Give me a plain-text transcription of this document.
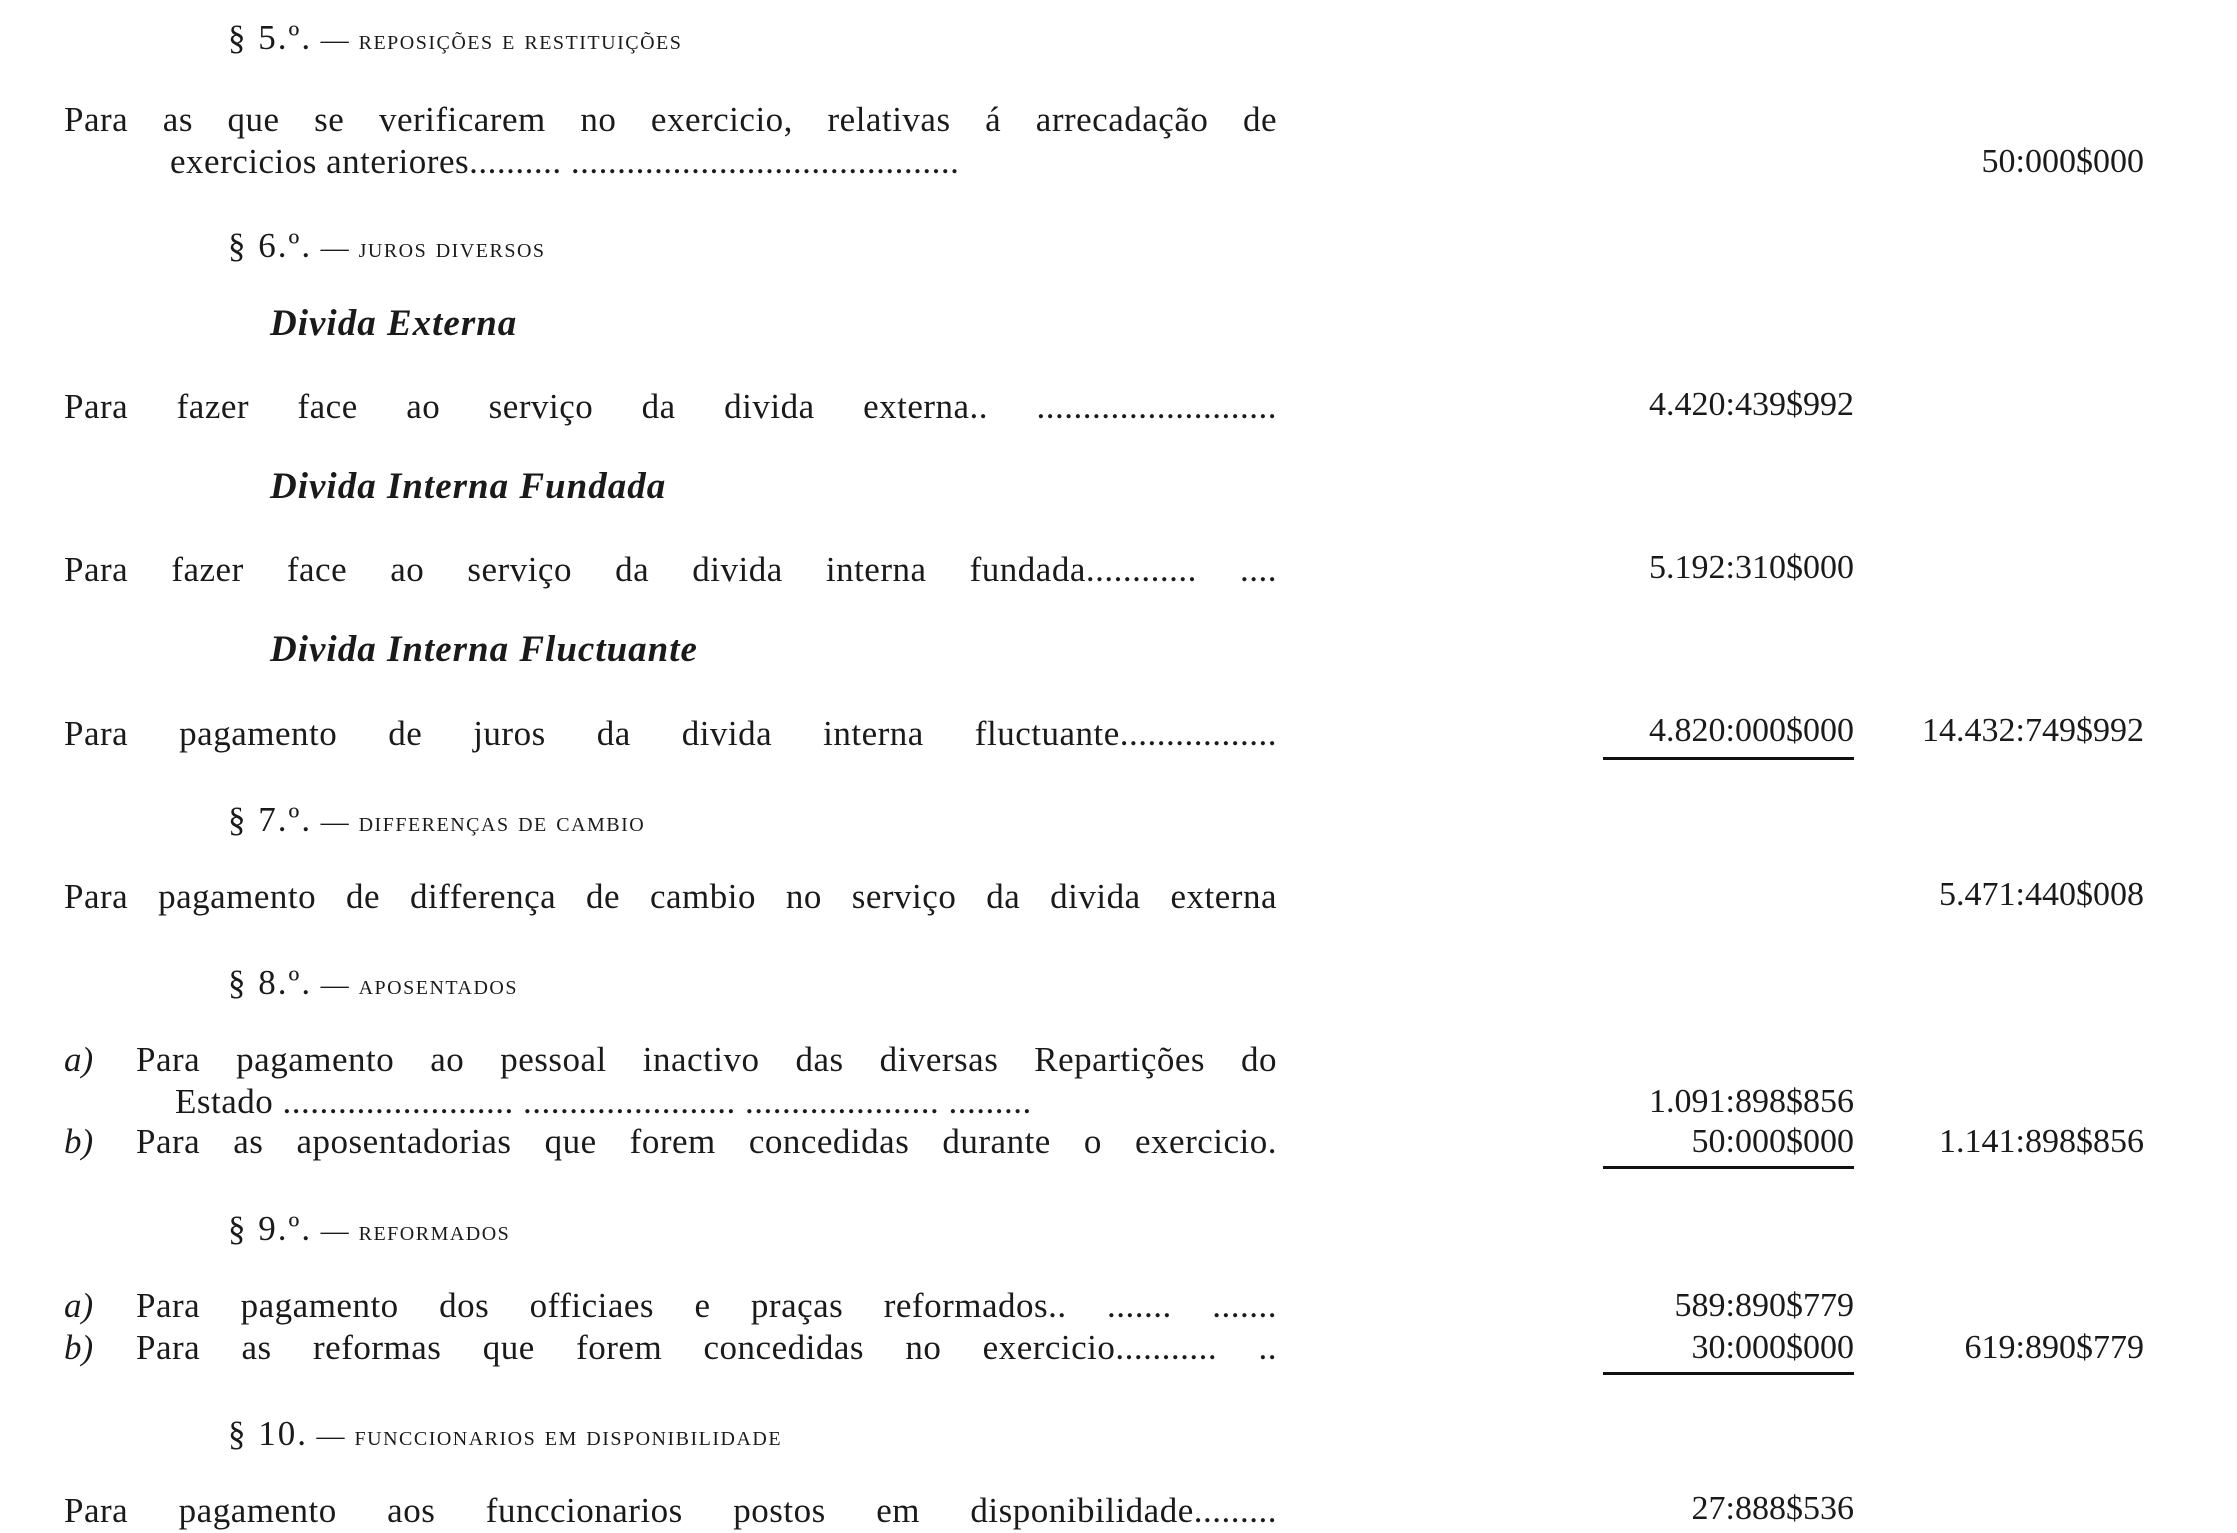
§ 5.º. — reposições e restituições
Para as que se verificarem no exercicio, relativas á arrecadação de
exercicios anteriores.......... ..........................................	50:000$000
§ 6.º. — juros diversos
Divida Externa
Para fazer face ao serviço da divida externa.. ..........................	4.420:439$992
Divida Interna Fundada
Para fazer face ao serviço da divida interna fundada............ ....	5.192:310$000
Divida Interna Fluctuante
Para pagamento de juros da divida interna fluctuante.................	4.820:000$000 14.432:749$992
§ 7.º. — differenças de cambio
Para pagamento de differença de cambio no serviço da divida externa	5.471:440$008
§ 8.º. — aposentados
a)	Para pagamento ao pessoal inactivo das diversas Repartições do
Estado ......................... ....................... ..................... .........	1.091:898$856
b)	Para as aposentadorias que forem concedidas durante o exercicio.	50:000$000	1.141:898$856
§ 9.º. — reformados
a)	Para pagamento dos officiaes e praças reformados.. ....... .......	589:890$779
b)	Para as reformas que forem concedidas no exercicio........... ..	30:000$000	619:890$779
§ 10. — funccionarios em disponibilidade
Para pagamento aos funccionarios postos em disponibilidade.........	27:888$536
